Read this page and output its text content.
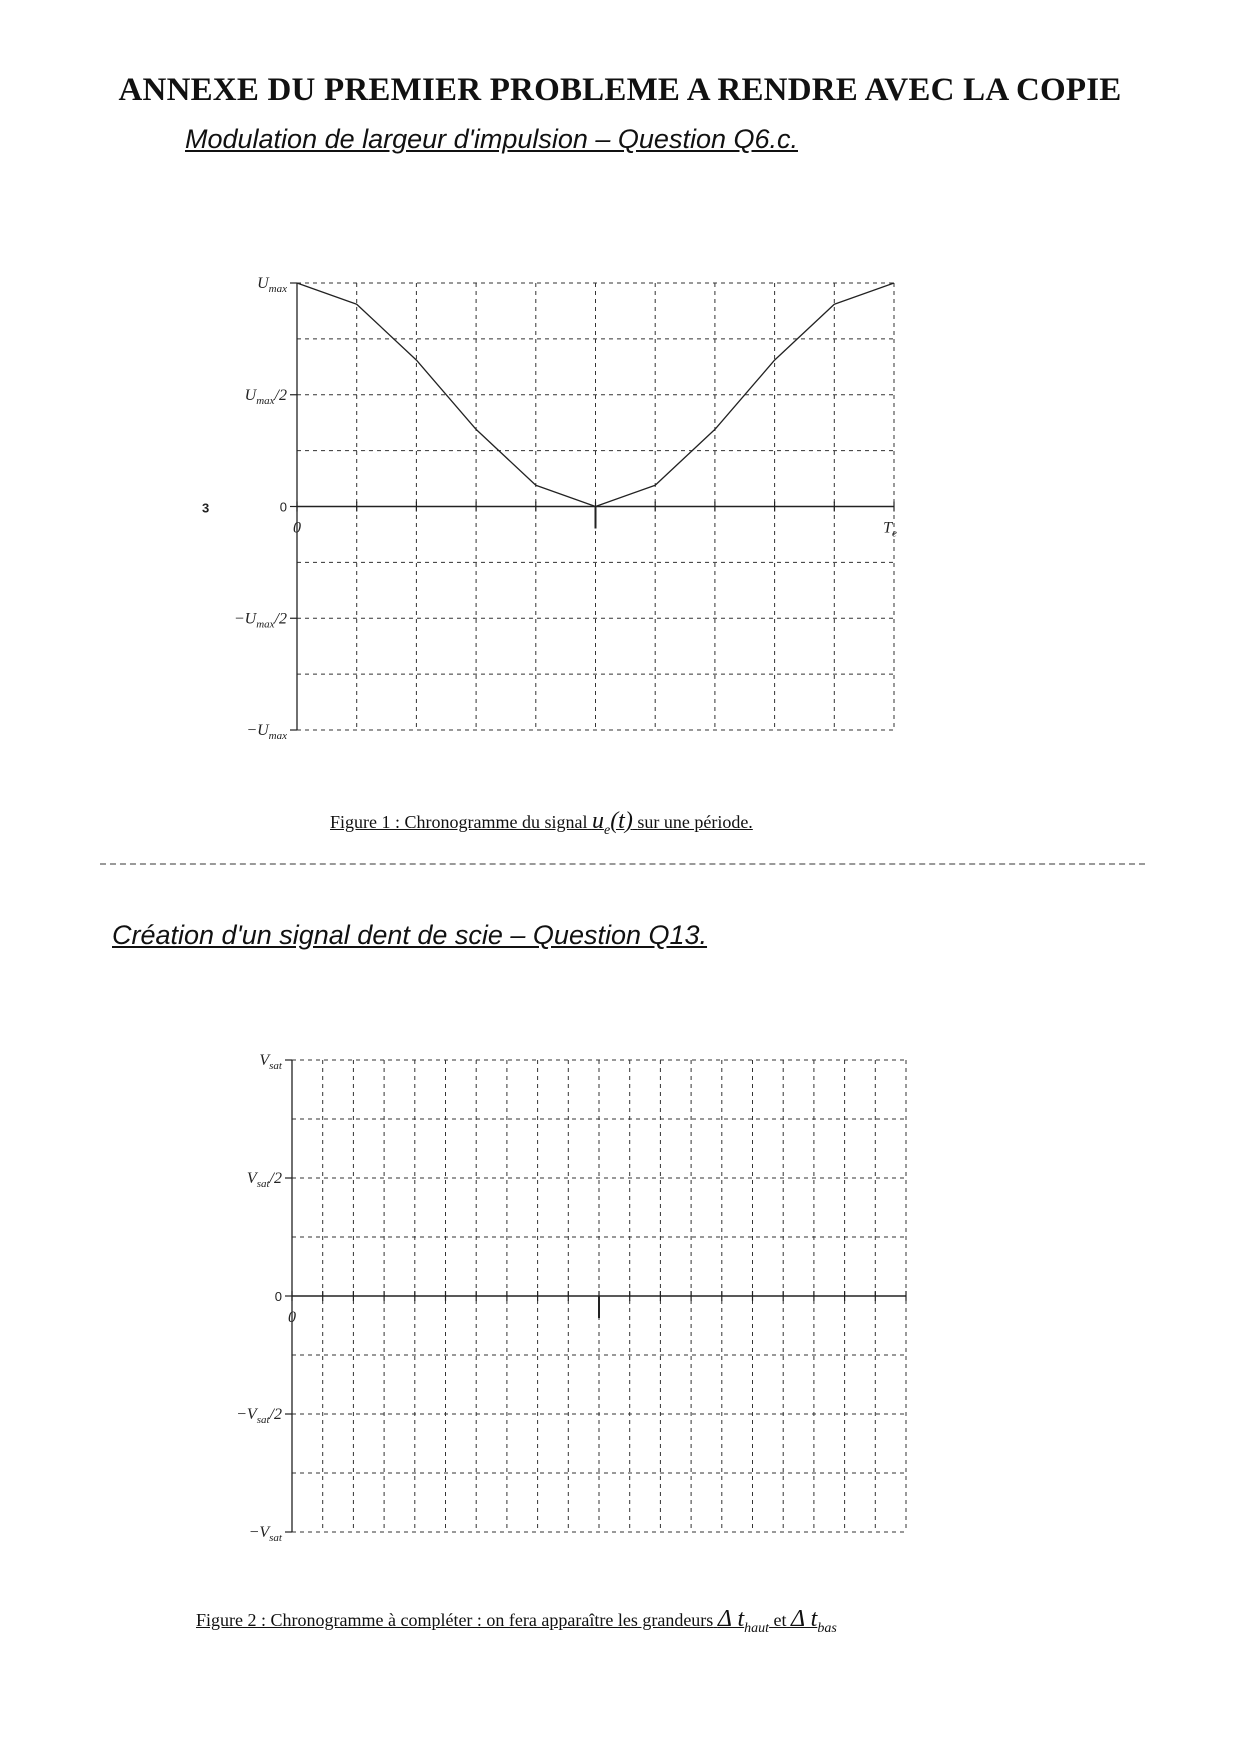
ANNEXE DU PREMIER PROBLEME A RENDRE AVEC LA COPIE
Modulation de largeur d'impulsion – Question Q6.c.
$U_{max}$
$U_{max}/2$
0
$-U_{max}/2$
$-U_{max}$
0	$T_e$
3
Figure 1 : Chronogramme du signal $u_e(t)$ sur une période.
Création d'un signal dent de scie – Question Q13.
$V_{sat}$
$V_{sat}/2$
0
$-V_{sat}/2$
$-V_{sat}$
0
Figure 2 : Chronogramme à compléter : on fera apparaître les grandeurs Δ $t_{haut}$ et Δ $t_{bas}$
